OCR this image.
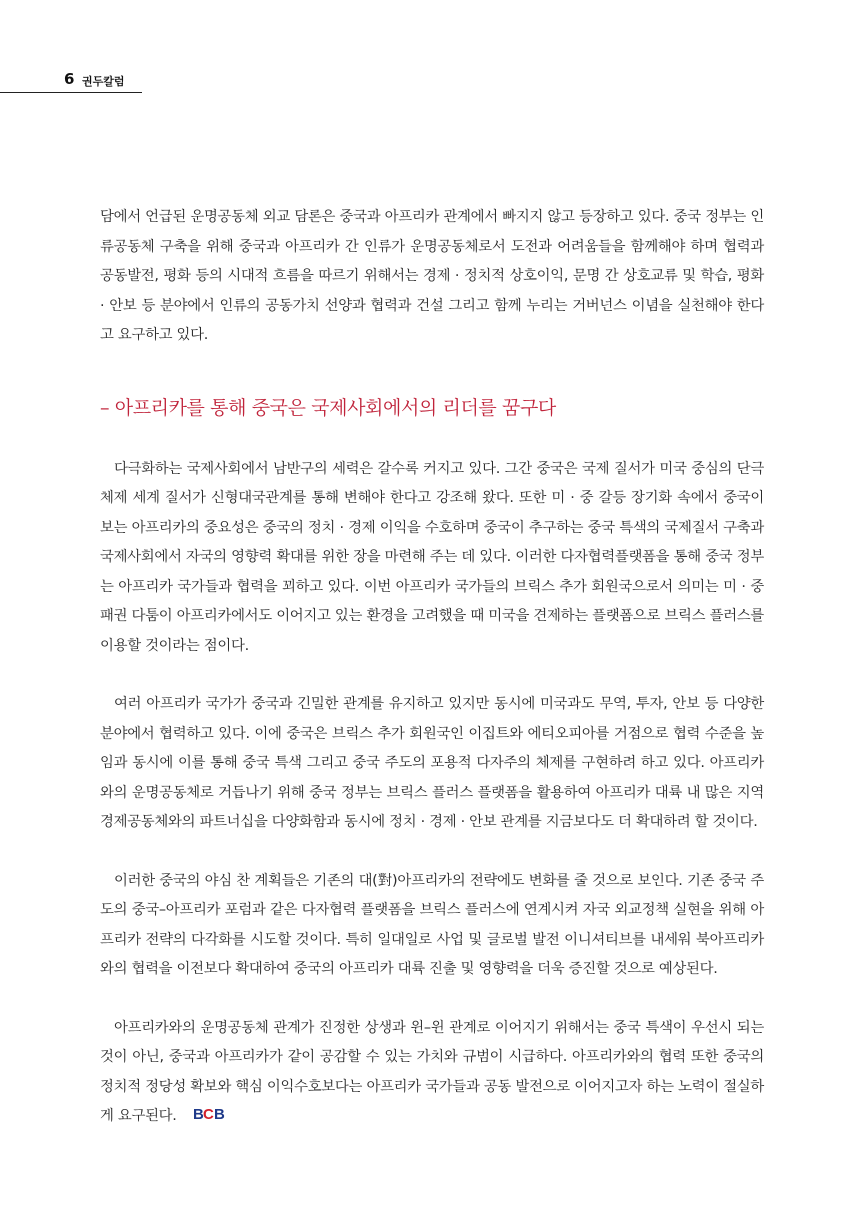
6 권두칼럼

담에서 언급된 운명공동체 외교 담론은 중국과 아프리카 관계에서 빠지지 않고 등장하고 있다. 중국 정부는 인류공동체 구축을 위해 중국과 아프리카 간 인류가 운명공동체로서 도전과 어려움들을 함께해야 하며 협력과 공동발전, 평화 등의 시대적 흐름을 따르기 위해서는 경제 · 정치적 상호이익, 문명 간 상호교류 및 학습, 평화 · 안보 등 분야에서 인류의 공동가치 선양과 협력과 건설 그리고 함께 누리는 거버넌스 이념을 실천해야 한다고 요구하고 있다.

– 아프리카를 통해 중국은 국제사회에서의 리더를 꿈구다

다극화하는 국제사회에서 남반구의 세력은 갈수록 커지고 있다. 그간 중국은 국제 질서가 미국 중심의 단극체제 세계 질서가 신형대국관계를 통해 변해야 한다고 강조해 왔다. 또한 미 · 중 갈등 장기화 속에서 중국이 보는 아프리카의 중요성은 중국의 정치 · 경제 이익을 수호하며 중국이 추구하는 중국 특색의 국제질서 구축과 국제사회에서 자국의 영향력 확대를 위한 장을 마련해 주는 데 있다. 이러한 다자협력플랫폼을 통해 중국 정부는 아프리카 국가들과 협력을 꾀하고 있다. 이번 아프리카 국가들의 브릭스 추가 회원국으로서 의미는 미 · 중 패권 다툼이 아프리카에서도 이어지고 있는 환경을 고려했을 때 미국을 견제하는 플랫폼으로 브릭스 플러스를 이용할 것이라는 점이다.

여러 아프리카 국가가 중국과 긴밀한 관계를 유지하고 있지만 동시에 미국과도 무역, 투자, 안보 등 다양한 분야에서 협력하고 있다. 이에 중국은 브릭스 추가 회원국인 이집트와 에티오피아를 거점으로 협력 수준을 높임과 동시에 이를 통해 중국 특색 그리고 중국 주도의 포용적 다자주의 체제를 구현하려 하고 있다. 아프리카와의 운명공동체로 거듭나기 위해 중국 정부는 브릭스 플러스 플랫폼을 활용하여 아프리카 대륙 내 많은 지역 경제공동체와의 파트너십을 다양화함과 동시에 정치 · 경제 · 안보 관계를 지금보다도 더 확대하려 할 것이다.

이러한 중국의 야심 찬 계획들은 기존의 대(對)아프리카의 전략에도 변화를 줄 것으로 보인다. 기존 중국 주도의 중국–아프리카 포럼과 같은 다자협력 플랫폼을 브릭스 플러스에 연계시켜 자국 외교정책 실현을 위해 아프리카 전략의 다각화를 시도할 것이다. 특히 일대일로 사업 및 글로벌 발전 이니셔티브를 내세워 북아프리카와의 협력을 이전보다 확대하여 중국의 아프리카 대륙 진출 및 영향력을 더욱 증진할 것으로 예상된다.

아프리카와의 운명공동체 관계가 진정한 상생과 윈–윈 관계로 이어지기 위해서는 중국 특색이 우선시 되는 것이 아닌, 중국과 아프리카가 같이 공감할 수 있는 가치와 규범이 시급하다. 아프리카와의 협력 또한 중국의 정치적 정당성 확보와 핵심 이익수호보다는 아프리카 국가들과 공동 발전으로 이어지고자 하는 노력이 절실하게 요구된다. B C B
